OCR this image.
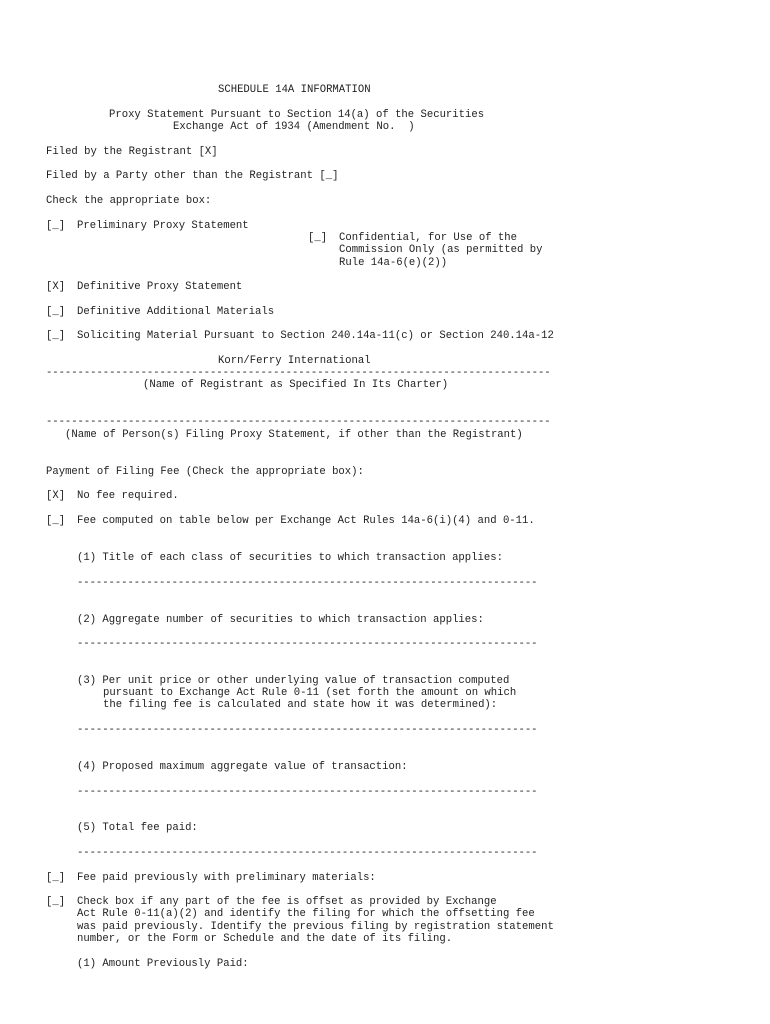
SCHEDULE 14A INFORMATION
Proxy Statement Pursuant to Section 14(a) of the Securities
Exchange Act of 1934 (Amendment No.  )
Filed by the Registrant [X]
Filed by a Party other than the Registrant [_]
Check the appropriate box:
[_] Preliminary Proxy Statement
[_] Confidential, for Use of the
Commission Only (as permitted by
Rule 14a-6(e)(2))
[X] Definitive Proxy Statement
[_] Definitive Additional Materials
[_] Soliciting Material Pursuant to Section 240.14a-11(c) or Section 240.14a-12
Korn/Ferry International
--------------------------------------------------------------------------------
(Name of Registrant as Specified In Its Charter)
--------------------------------------------------------------------------------
(Name of Person(s) Filing Proxy Statement, if other than the Registrant)
Payment of Filing Fee (Check the appropriate box):
[X] No fee required.
[_] Fee computed on table below per Exchange Act Rules 14a-6(i)(4) and 0-11.
(1) Title of each class of securities to which transaction applies:
-------------------------------------------------------------------------
(2) Aggregate number of securities to which transaction applies:
-------------------------------------------------------------------------
(3) Per unit price or other underlying value of transaction computed
pursuant to Exchange Act Rule 0-11 (set forth the amount on which
the filing fee is calculated and state how it was determined):
-------------------------------------------------------------------------
(4) Proposed maximum aggregate value of transaction:
-------------------------------------------------------------------------
(5) Total fee paid:
-------------------------------------------------------------------------
[_] Fee paid previously with preliminary materials:
[_] Check box if any part of the fee is offset as provided by Exchange
Act Rule 0-11(a)(2) and identify the filing for which the offsetting fee
was paid previously. Identify the previous filing by registration statement
number, or the Form or Schedule and the date of its filing.
(1) Amount Previously Paid:
